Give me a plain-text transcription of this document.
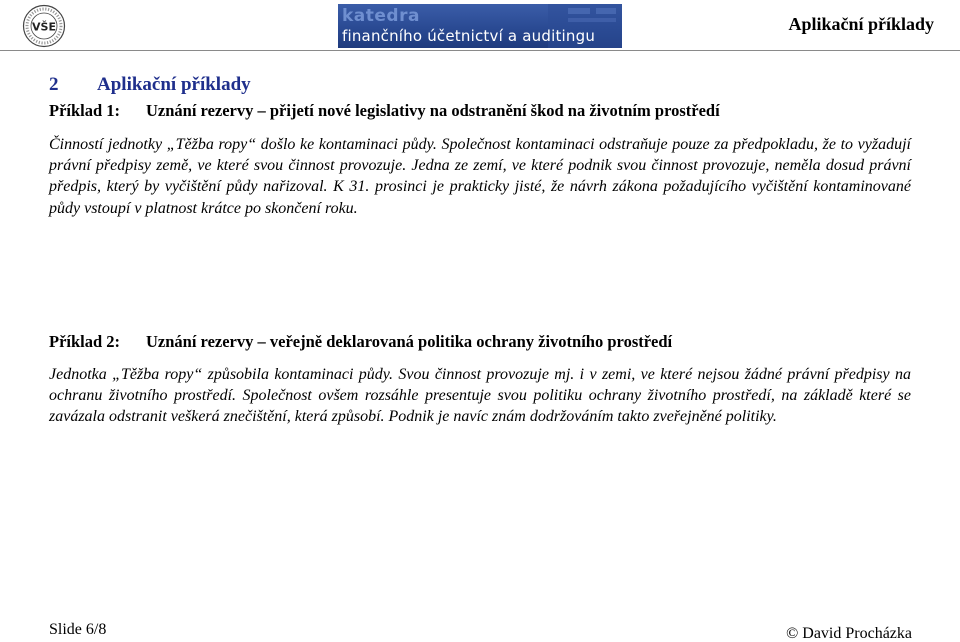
VŠE
katedra
finančního účetnictví a auditingu
Aplikační příklady
2	Aplikační příklady
Příklad 1:	Uznání rezervy – přijetí nové legislativy na odstranění škod na životním prostředí

Činností jednotky „Těžba ropy“ došlo ke kontaminaci půdy. Společnost kontaminaci odstraňuje pouze za předpokladu, že to vyžadují právní předpisy země, ve které svou činnost provozuje. Jedna ze zemí, ve které podnik svou činnost provozuje, neměla dosud právní předpis, který by vyčištění půdy nařizoval. K 31. prosinci je prakticky jisté, že návrh zákona požadujícího vyčištění kontaminované půdy vstoupí v platnost krátce po skončení roku.

Příklad 2:	Uznání rezervy – veřejně deklarovaná politika ochrany životního prostředí

Jednotka „Těžba ropy“ způsobila kontaminaci půdy. Svou činnost provozuje mj. i v zemi, ve které nejsou žádné právní předpisy na ochranu životního prostředí. Společnost ovšem rozsáhle presentuje svou politiku ochrany životního prostředí, na základě které se zavázala odstranit veškerá znečištění, která způsobí. Podnik je navíc znám dodržováním takto zveřejněné politiky.

Slide 6/8	© David Procházka
